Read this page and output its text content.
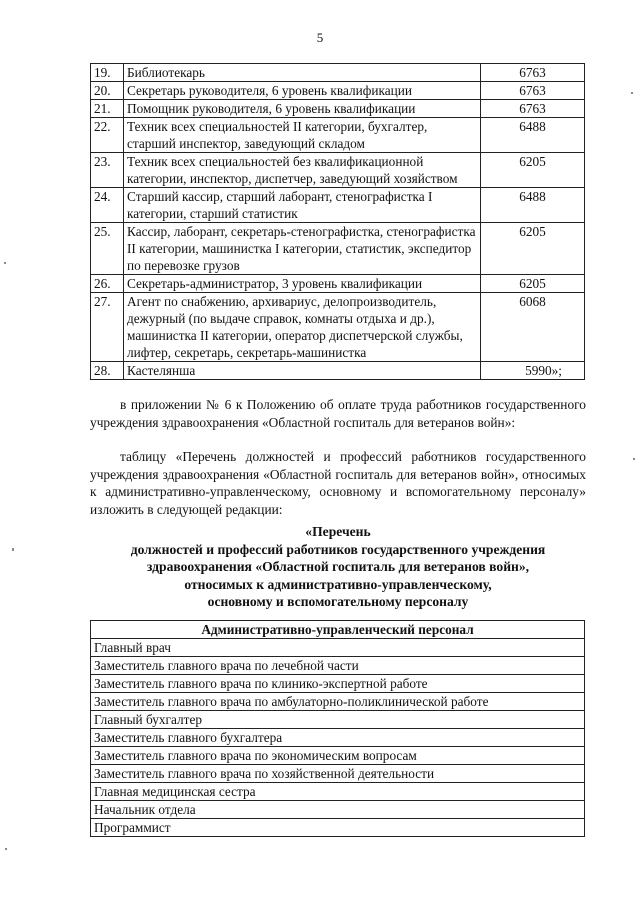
5
19.	Библиотекарь	6763
20.	Секретарь руководителя, 6 уровень квалификации	6763
21.	Помощник руководителя, 6 уровень квалификации	6763
22.	Техник всех специальностей II категории, бухгалтер, старший инспектор, заведующий складом	6488
23.	Техник всех специальностей без квалификационной категории, инспектор, диспетчер, заведующий хозяйством	6205
24.	Старший кассир, старший лаборант, стенографистка I категории, старший статистик	6488
25.	Кассир, лаборант, секретарь-стенографистка, стенографистка II категории, машинистка I категории, статистик, экспедитор по перевозке грузов	6205
26.	Секретарь-администратор, 3 уровень квалификации	6205
27.	Агент по снабжению, архивариус, делопроизводитель, дежурный (по выдаче справок, комнаты отдыха и др.), машинистка II категории, оператор диспетчерской службы, лифтер, секретарь, секретарь-машинистка	6068
28.	Кастелянша	5990»;

в приложении № 6 к Положению об оплате труда работников государственного учреждения здравоохранения «Областной госпиталь для ветеранов войн»:

таблицу «Перечень должностей и профессий работников государственного учреждения здравоохранения «Областной госпиталь для ветеранов войн», относимых к административно-управленческому, основному и вспомогательному персоналу» изложить в следующей редакции:

«Перечень
должностей и профессий работников государственного учреждения
здравоохранения «Областной госпиталь для ветеранов войн»,
относимых к административно-управленческому,
основному и вспомогательному персоналу
Административно-управленческий персонал
Главный врач
Заместитель главного врача по лечебной части
Заместитель главного врача по клинико-экспертной работе
Заместитель главного врача по амбулаторно-поликлинической работе
Главный бухгалтер
Заместитель главного бухгалтера
Заместитель главного врача по экономическим вопросам
Заместитель главного врача по хозяйственной деятельности
Главная медицинская сестра
Начальник отдела
Программист
